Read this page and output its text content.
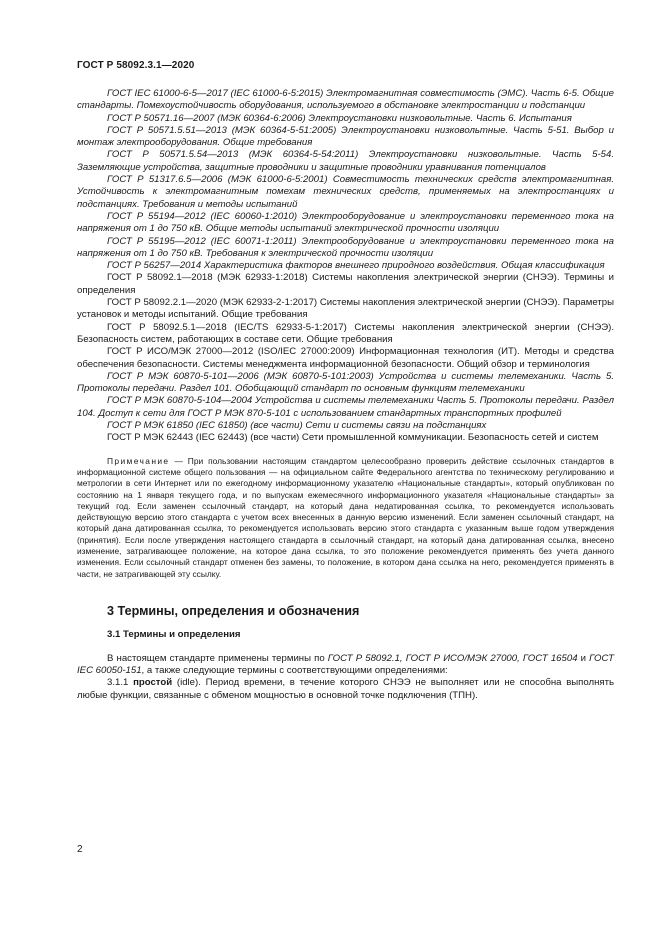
ГОСТ Р 58092.3.1—2020

ГОСТ IEC 61000-6-5—2017 (IEC 61000-6-5:2015) Электромагнитная совместимость (ЭМС). Часть 6-5. Общие стандарты. Помехоустойчивость оборудования, используемого в обстановке электростанции и подстанции

ГОСТ Р 50571.16—2007 (МЭК 60364-6:2006) Электроустановки низковольтные. Часть 6. Испытания

ГОСТ Р 50571.5.51—2013 (МЭК 60364-5-51:2005) Электроустановки низковольтные. Часть 5-51. Выбор и монтаж электрооборудования. Общие требования

ГОСТ Р 50571.5.54—2013 (МЭК 60364-5-54:2011) Электроустановки низковольтные. Часть 5-54. Заземляющие устройства, защитные проводники и защитные проводники уравнивания потенциалов

ГОСТ Р 51317.6.5—2006 (МЭК 61000-6-5:2001) Совместимость технических средств электромагнитная. Устойчивость к электромагнитным помехам технических средств, применяемых на электростанциях и подстанциях. Требования и методы испытаний

ГОСТ Р 55194—2012 (IEC 60060-1:2010) Электрооборудование и электроустановки переменного тока на напряжения от 1 до 750 кВ. Общие методы испытаний электрической прочности изоляции

ГОСТ Р 55195—2012 (IEC 60071-1:2011) Электрооборудование и электроустановки переменного тока на напряжения от 1 до 750 кВ. Требования к электрической прочности изоляции

ГОСТ Р 56257—2014 Характеристика факторов внешнего природного воздействия. Общая классификация

ГОСТ Р 58092.1—2018 (МЭК 62933-1:2018) Системы накопления электрической энергии (СНЭЭ). Термины и определения

ГОСТ Р 58092.2.1—2020 (МЭК 62933-2-1:2017) Системы накопления электрической энергии (СНЭЭ). Параметры установок и методы испытаний. Общие требования

ГОСТ Р 58092.5.1—2018 (IEC/TS 62933-5-1:2017) Системы накопления электрической энергии (СНЭЭ). Безопасность систем, работающих в составе сети. Общие требования

ГОСТ Р ИСО/МЭК 27000—2012 (ISO/IEC 27000:2009) Информационная технология (ИТ). Методы и средства обеспечения безопасности. Системы менеджмента информационной безопасности. Общий обзор и терминология

ГОСТ Р МЭК 60870-5-101—2006 (МЭК 60870-5-101:2003) Устройства и системы телемеханики. Часть 5. Протоколы передачи. Раздел 101. Обобщающий стандарт по основным функциям телемеханики

ГОСТ Р МЭК 60870-5-104—2004 Устройства и системы телемеханики Часть 5. Протоколы передачи. Раздел 104. Доступ к сети для ГОСТ Р МЭК 870-5-101 с использованием стандартных транспортных профилей

ГОСТ Р МЭК 61850 (IEC 61850) (все части) Сети и системы связи на подстанциях

ГОСТ Р МЭК 62443 (IEC 62443) (все части) Сети промышленной коммуникации. Безопасность сетей и систем

Примечание — При пользовании настоящим стандартом целесообразно проверить действие ссылочных стандартов в информационной системе общего пользования — на официальном сайте Федерального агентства по техническому регулированию и метрологии в сети Интернет или по ежегодному информационному указателю «Национальные стандарты», который опубликован по состоянию на 1 января текущего года, и по выпускам ежемесячного информационного указателя «Национальные стандарты» за текущий год. Если заменен ссылочный стандарт, на который дана недатированная ссылка, то рекомендуется использовать действующую версию этого стандарта с учетом всех внесенных в данную версию изменений. Если заменен ссылочный стандарт, на который дана датированная ссылка, то рекомендуется использовать версию этого стандарта с указанным выше годом утверждения (принятия). Если после утверждения настоящего стандарта в ссылочный стандарт, на который дана датированная ссылка, внесено изменение, затрагивающее положение, на которое дана ссылка, то это положение рекомендуется применять без учета данного изменения. Если ссылочный стандарт отменен без замены, то положение, в котором дана ссылка на него, рекомендуется применять в части, не затрагивающей эту ссылку.

3 Термины, определения и обозначения
3.1 Термины и определения

В настоящем стандарте применены термины по ГОСТ Р 58092.1, ГОСТ Р ИСО/МЭК 27000, ГОСТ 16504 и ГОСТ IEC 60050-151, а также следующие термины с соответствующими определениями:

3.1.1 простой (idle). Период времени, в течение которого СНЭЭ не выполняет или не способна выполнять любые функции, связанные с обменом мощностью в основной точке подключения (ТПН).

2
